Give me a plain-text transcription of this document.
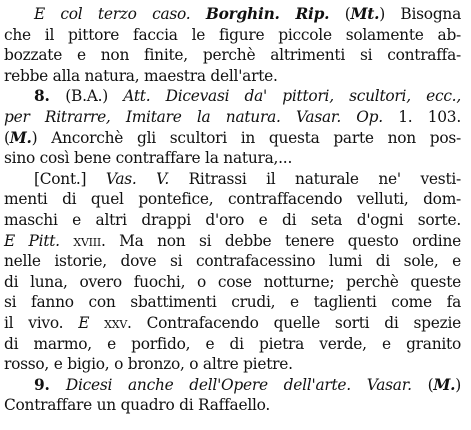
E col terzo caso. Borghin. Rip. (Mt.) Bisogna
che il pittore faccia le figure piccole solamente ab-
bozzate e non finite, perchè altrimenti si contraffa-
rebbe alla natura, maestra dell'arte.
8. (B.A.) Att. Dicevasi da' pittori, scultori, ecc.,
per Ritrarre, Imitare la natura. Vasar. Op. 1. 103.
(M.) Ancorchè gli scultori in questa parte non pos-
sino così bene contraffare la natura,...
[Cont.] Vas. V. Ritrassi il naturale ne' vesti-
menti di quel pontefice, contraffacendo velluti, dom-
maschi e altri drappi d'oro e di seta d'ogni sorte.
E Pitt. xviii. Ma non si debbe tenere questo ordine
nelle istorie, dove si contrafacessino lumi di sole, e
di luna, overo fuochi, o cose notturne; perchè queste
si fanno con sbattimenti crudi, e taglienti come fa
il vivo. E xxv. Contrafacendo quelle sorti di spezie
di marmo, e porfido, e di pietra verde, e granito
rosso, e bigio, o bronzo, o altre pietre.
9. Dicesi anche dell'Opere dell'arte. Vasar. (M.)
Contraffare un quadro di Raffaello.
